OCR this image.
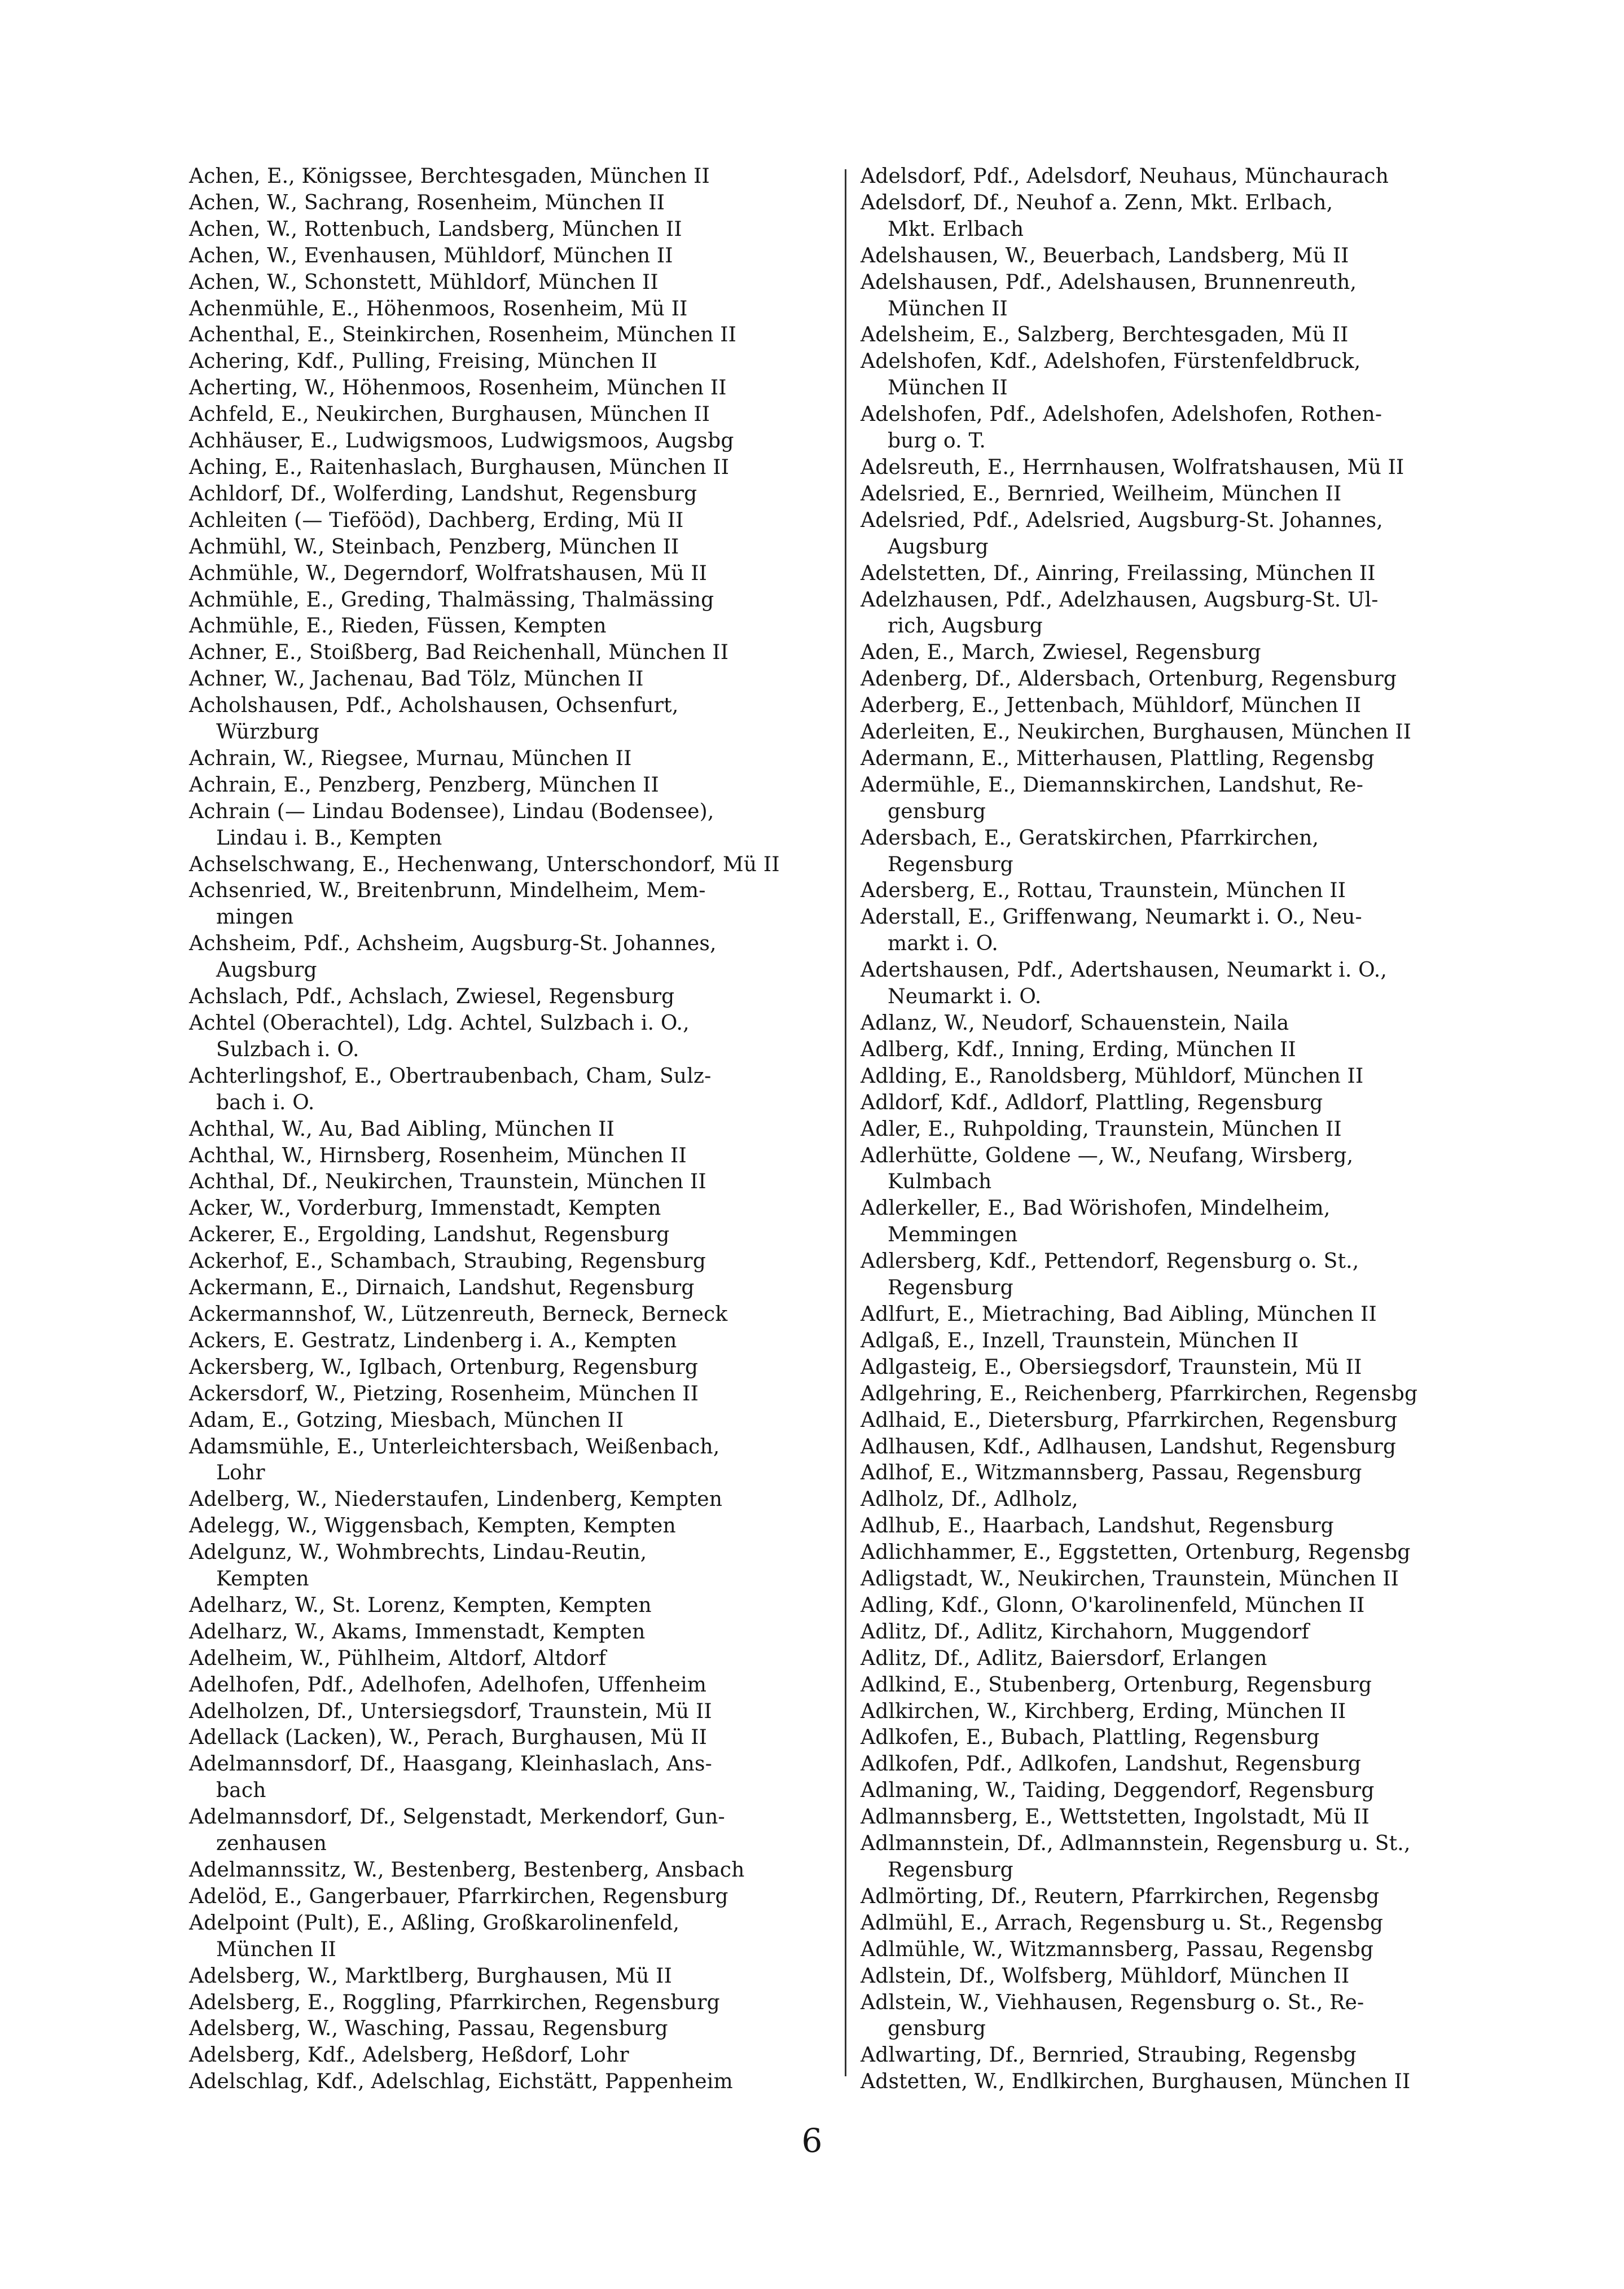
Achen, E., Königssee, Berchtesgaden, München II
Achen, W., Sachrang, Rosenheim, München II
Achen, W., Rottenbuch, Landsberg, München II
Achen, W., Evenhausen, Mühldorf, München II
Achen, W., Schonstett, Mühldorf, München II
Achenmühle, E., Höhenmoos, Rosenheim, Mü II
Achenthal, E., Steinkirchen, Rosenheim, München II
Achering, Kdf., Pulling, Freising, München II
Acherting, W., Höhenmoos, Rosenheim, München II
Achfeld, E., Neukirchen, Burghausen, München II
Achhäuser, E., Ludwigsmoos, Ludwigsmoos, Augsbg
Aching, E., Raitenhaslach, Burghausen, München II
Achldorf, Df., Wolferding, Landshut, Regensburg
Achleiten (— Tiefööd), Dachberg, Erding, Mü II
Achmühl, W., Steinbach, Penzberg, München II
Achmühle, W., Degerndorf, Wolfratshausen, Mü II
Achmühle, E., Greding, Thalmässing, Thalmässing
Achmühle, E., Rieden, Füssen, Kempten
Achner, E., Stoißberg, Bad Reichenhall, München II
Achner, W., Jachenau, Bad Tölz, München II
Acholshausen, Pdf., Acholshausen, Ochsenfurt,
Würzburg
Achrain, W., Riegsee, Murnau, München II
Achrain, E., Penzberg, Penzberg, München II
Achrain (— Lindau Bodensee), Lindau (Bodensee),
Lindau i. B., Kempten
Achselschwang, E., Hechenwang, Unterschondorf, Mü II
Achsenried, W., Breitenbrunn, Mindelheim, Mem-
mingen
Achsheim, Pdf., Achsheim, Augsburg-St. Johannes,
Augsburg
Achslach, Pdf., Achslach, Zwiesel, Regensburg
Achtel (Oberachtel), Ldg. Achtel, Sulzbach i. O.,
Sulzbach i. O.
Achterlingshof, E., Obertraubenbach, Cham, Sulz-
bach i. O.
Achthal, W., Au, Bad Aibling, München II
Achthal, W., Hirnsberg, Rosenheim, München II
Achthal, Df., Neukirchen, Traunstein, München II
Acker, W., Vorderburg, Immenstadt, Kempten
Ackerer, E., Ergolding, Landshut, Regensburg
Ackerhof, E., Schambach, Straubing, Regensburg
Ackermann, E., Dirnaich, Landshut, Regensburg
Ackermannshof, W., Lützenreuth, Berneck, Berneck
Ackers, E. Gestratz, Lindenberg i. A., Kempten
Ackersberg, W., Iglbach, Ortenburg, Regensburg
Ackersdorf, W., Pietzing, Rosenheim, München II
Adam, E., Gotzing, Miesbach, München II
Adamsmühle, E., Unterleichtersbach, Weißenbach,
Lohr
Adelberg, W., Niederstaufen, Lindenberg, Kempten
Adelegg, W., Wiggensbach, Kempten, Kempten
Adelgunz, W., Wohmbrechts, Lindau-Reutin,
Kempten
Adelharz, W., St. Lorenz, Kempten, Kempten
Adelharz, W., Akams, Immenstadt, Kempten
Adelheim, W., Pühlheim, Altdorf, Altdorf
Adelhofen, Pdf., Adelhofen, Adelhofen, Uffenheim
Adelholzen, Df., Untersiegsdorf, Traunstein, Mü II
Adellack (Lacken), W., Perach, Burghausen, Mü II
Adelmannsdorf, Df., Haasgang, Kleinhaslach, Ans-
bach
Adelmannsdorf, Df., Selgenstadt, Merkendorf, Gun-
zenhausen
Adelmannssitz, W., Bestenberg, Bestenberg, Ansbach
Adelöd, E., Gangerbauer, Pfarrkirchen, Regensburg
Adelpoint (Pult), E., Aßling, Großkarolinenfeld,
München II
Adelsberg, W., Marktlberg, Burghausen, Mü II
Adelsberg, E., Roggling, Pfarrkirchen, Regensburg
Adelsberg, W., Wasching, Passau, Regensburg
Adelsberg, Kdf., Adelsberg, Heßdorf, Lohr
Adelschlag, Kdf., Adelschlag, Eichstätt, Pappenheim
Adelsdorf, Pdf., Adelsdorf, Neuhaus, Münchaurach
Adelsdorf, Df., Neuhof a. Zenn, Mkt. Erlbach,
Mkt. Erlbach
Adelshausen, W., Beuerbach, Landsberg, Mü II
Adelshausen, Pdf., Adelshausen, Brunnenreuth,
München II
Adelsheim, E., Salzberg, Berchtesgaden, Mü II
Adelshofen, Kdf., Adelshofen, Fürstenfeldbruck,
München II
Adelshofen, Pdf., Adelshofen, Adelshofen, Rothen-
burg o. T.
Adelsreuth, E., Herrnhausen, Wolfratshausen, Mü II
Adelsried, E., Bernried, Weilheim, München II
Adelsried, Pdf., Adelsried, Augsburg-St. Johannes,
Augsburg
Adelstetten, Df., Ainring, Freilassing, München II
Adelzhausen, Pdf., Adelzhausen, Augsburg-St. Ul-
rich, Augsburg
Aden, E., March, Zwiesel, Regensburg
Adenberg, Df., Aldersbach, Ortenburg, Regensburg
Aderberg, E., Jettenbach, Mühldorf, München II
Aderleiten, E., Neukirchen, Burghausen, München II
Adermann, E., Mitterhausen, Plattling, Regensbg
Adermühle, E., Diemannskirchen, Landshut, Re-
gensburg
Adersbach, E., Geratskirchen, Pfarrkirchen,
Regensburg
Adersberg, E., Rottau, Traunstein, München II
Aderstall, E., Griffenwang, Neumarkt i. O., Neu-
markt i. O.
Adertshausen, Pdf., Adertshausen, Neumarkt i. O.,
Neumarkt i. O.
Adlanz, W., Neudorf, Schauenstein, Naila
Adlberg, Kdf., Inning, Erding, München II
Adlding, E., Ranoldsberg, Mühldorf, München II
Adldorf, Kdf., Adldorf, Plattling, Regensburg
Adler, E., Ruhpolding, Traunstein, München II
Adlerhütte, Goldene —, W., Neufang, Wirsberg,
Kulmbach
Adlerkeller, E., Bad Wörishofen, Mindelheim,
Memmingen
Adlersberg, Kdf., Pettendorf, Regensburg o. St.,
Regensburg
Adlfurt, E., Mietraching, Bad Aibling, München II
Adlgaß, E., Inzell, Traunstein, München II
Adlgasteig, E., Obersiegsdorf, Traunstein, Mü II
Adlgehring, E., Reichenberg, Pfarrkirchen, Regensbg
Adlhaid, E., Dietersburg, Pfarrkirchen, Regensburg
Adlhausen, Kdf., Adlhausen, Landshut, Regensburg
Adlhof, E., Witzmannsberg, Passau, Regensburg
Adlholz, Df., Adlholz,
Adlhub, E., Haarbach, Landshut, Regensburg
Adlichhammer, E., Eggstetten, Ortenburg, Regensbg
Adligstadt, W., Neukirchen, Traunstein, München II
Adling, Kdf., Glonn, O'karolinenfeld, München II
Adlitz, Df., Adlitz, Kirchahorn, Muggendorf
Adlitz, Df., Adlitz, Baiersdorf, Erlangen
Adlkind, E., Stubenberg, Ortenburg, Regensburg
Adlkirchen, W., Kirchberg, Erding, München II
Adlkofen, E., Bubach, Plattling, Regensburg
Adlkofen, Pdf., Adlkofen, Landshut, Regensburg
Adlmaning, W., Taiding, Deggendorf, Regensburg
Adlmannsberg, E., Wettstetten, Ingolstadt, Mü II
Adlmannstein, Df., Adlmannstein, Regensburg u. St.,
Regensburg
Adlmörting, Df., Reutern, Pfarrkirchen, Regensbg
Adlmühl, E., Arrach, Regensburg u. St., Regensbg
Adlmühle, W., Witzmannsberg, Passau, Regensbg
Adlstein, Df., Wolfsberg, Mühldorf, München II
Adlstein, W., Viehhausen, Regensburg o. St., Re-
gensburg
Adlwarting, Df., Bernried, Straubing, Regensbg
Adstetten, W., Endlkirchen, Burghausen, München II
6
